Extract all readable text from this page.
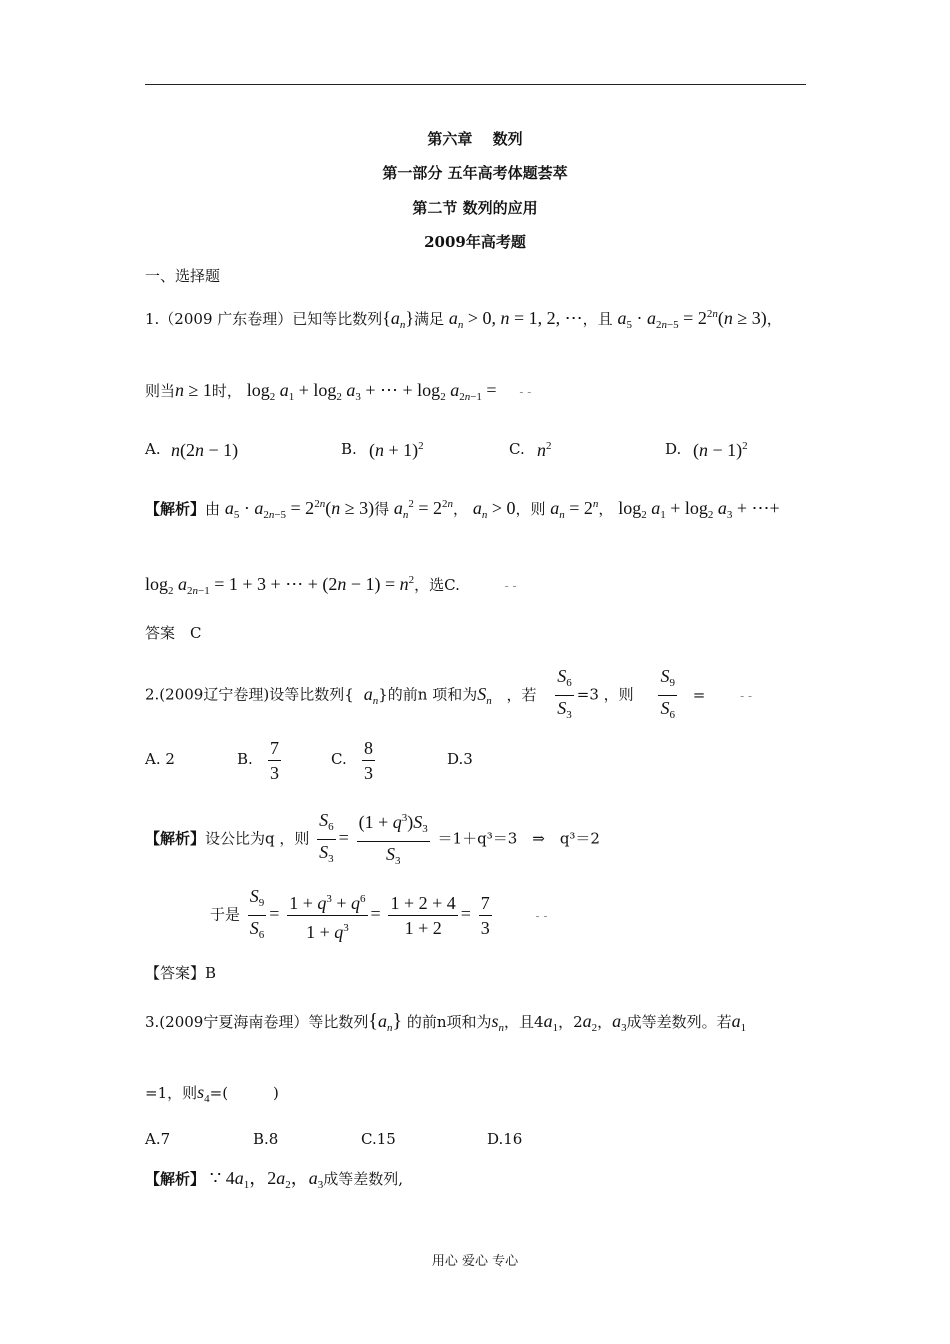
第六章　 数列
第一部分 五年高考体题荟萃
第二节 数列的应用
2009年高考题
一、选择题
1.（2009 广东卷理）已知等比数列$\{a_n\}$满足 $a_n > 0$, n = 1, 2, ⋯，且 $a_5 \cdot a_{2n-5} = 2^{2n}(n \ge 3)$，
则当n ≥ 1时， $\log_2 a_1 + \log_2 a_3$ + ⋯ + $\log_2 a_{2n-1}$ = - -
A. n(2n − 1)	B. $(n + 1)^2$	C. $n^2$	D. $(n - 1)^2$
【解析】由 $a_5 \cdot a_{2n-5} = 2^{2n}(n \ge 3)$得 $a_n^2 = 2^{2n}$， $a_n > 0$，则 $a_n = 2^n$， $\log_2 a_1 + \log_2 a_3$ + ⋯+
$\log_2 a_{2n-1} = 1 + 3$ + ⋯ + $(2n - 1) = n^2$，选C.	- -
答案　C
2.(2009辽宁卷理)设等比数列{ $a_n$}的前n 项和为$S_n$ ，若 $\frac{S_6}{S_3} =3$ ，则 $\frac{S_9}{S_6}$ =	- -
A. 2	B. $\frac{7}{3}$	C. $\frac{8}{3}$	D.3
【解析】设公比为q ，则 $\frac{S_6}{S_3} = \frac{(1 + q^3)S_3}{S_3} =1+q^3=3$　⇒　q³＝2
于是 $\frac{S_9}{S_6} = \frac{1 + q^3 + q^6}{1 + q^3} = \frac{1 + 2 + 4}{1 + 2} = \frac{7}{3}$	- -
【答案】B
3.(2009宁夏海南卷理）等比数列$\{a_n\}$ 的前n项和为$s_n$，且$4a_1$，$2a_2$，$a_3$成等差数列。若$a_1$
=1，则$s_4=$(　　　)
A.7	B.8	C.15	D.16
【解析】 ∵ $4a_1$，$2a_2$，$a_3$成等差数列,
用心 爱心 专心
